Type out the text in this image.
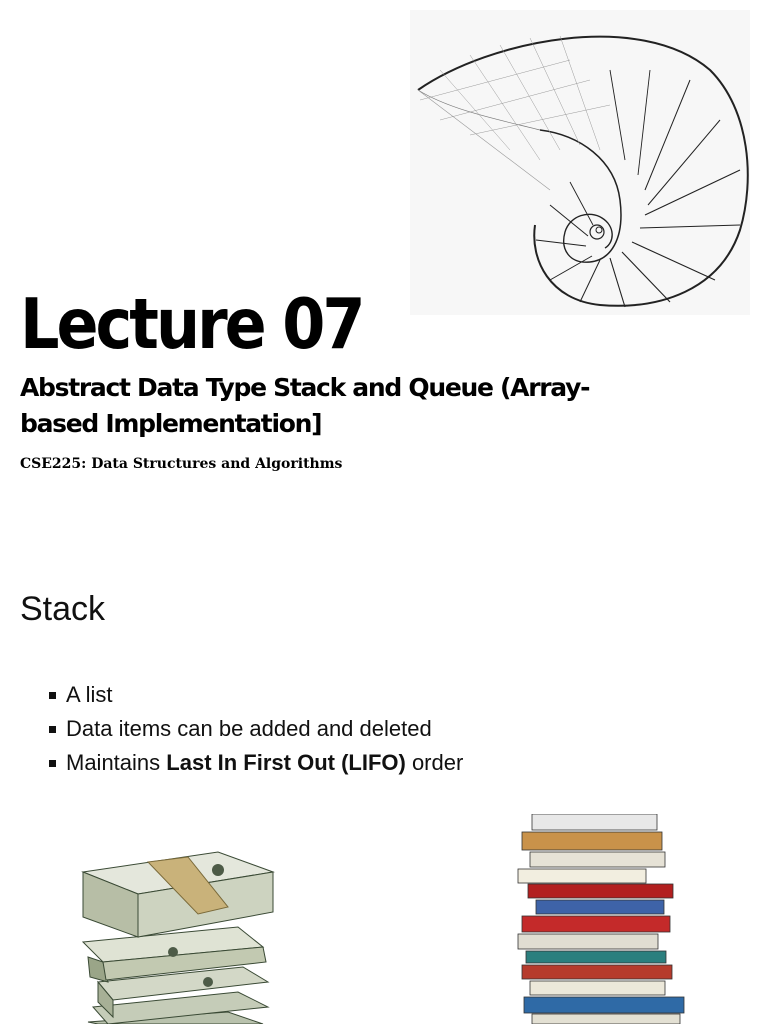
Lecture 07
Abstract Data Type Stack and Queue (Array-based Implementation]

CSE225: Data Structures and Algorithms

Stack
A list
Data items can be added and deleted
Maintains Last In First Out (LIFO) order
